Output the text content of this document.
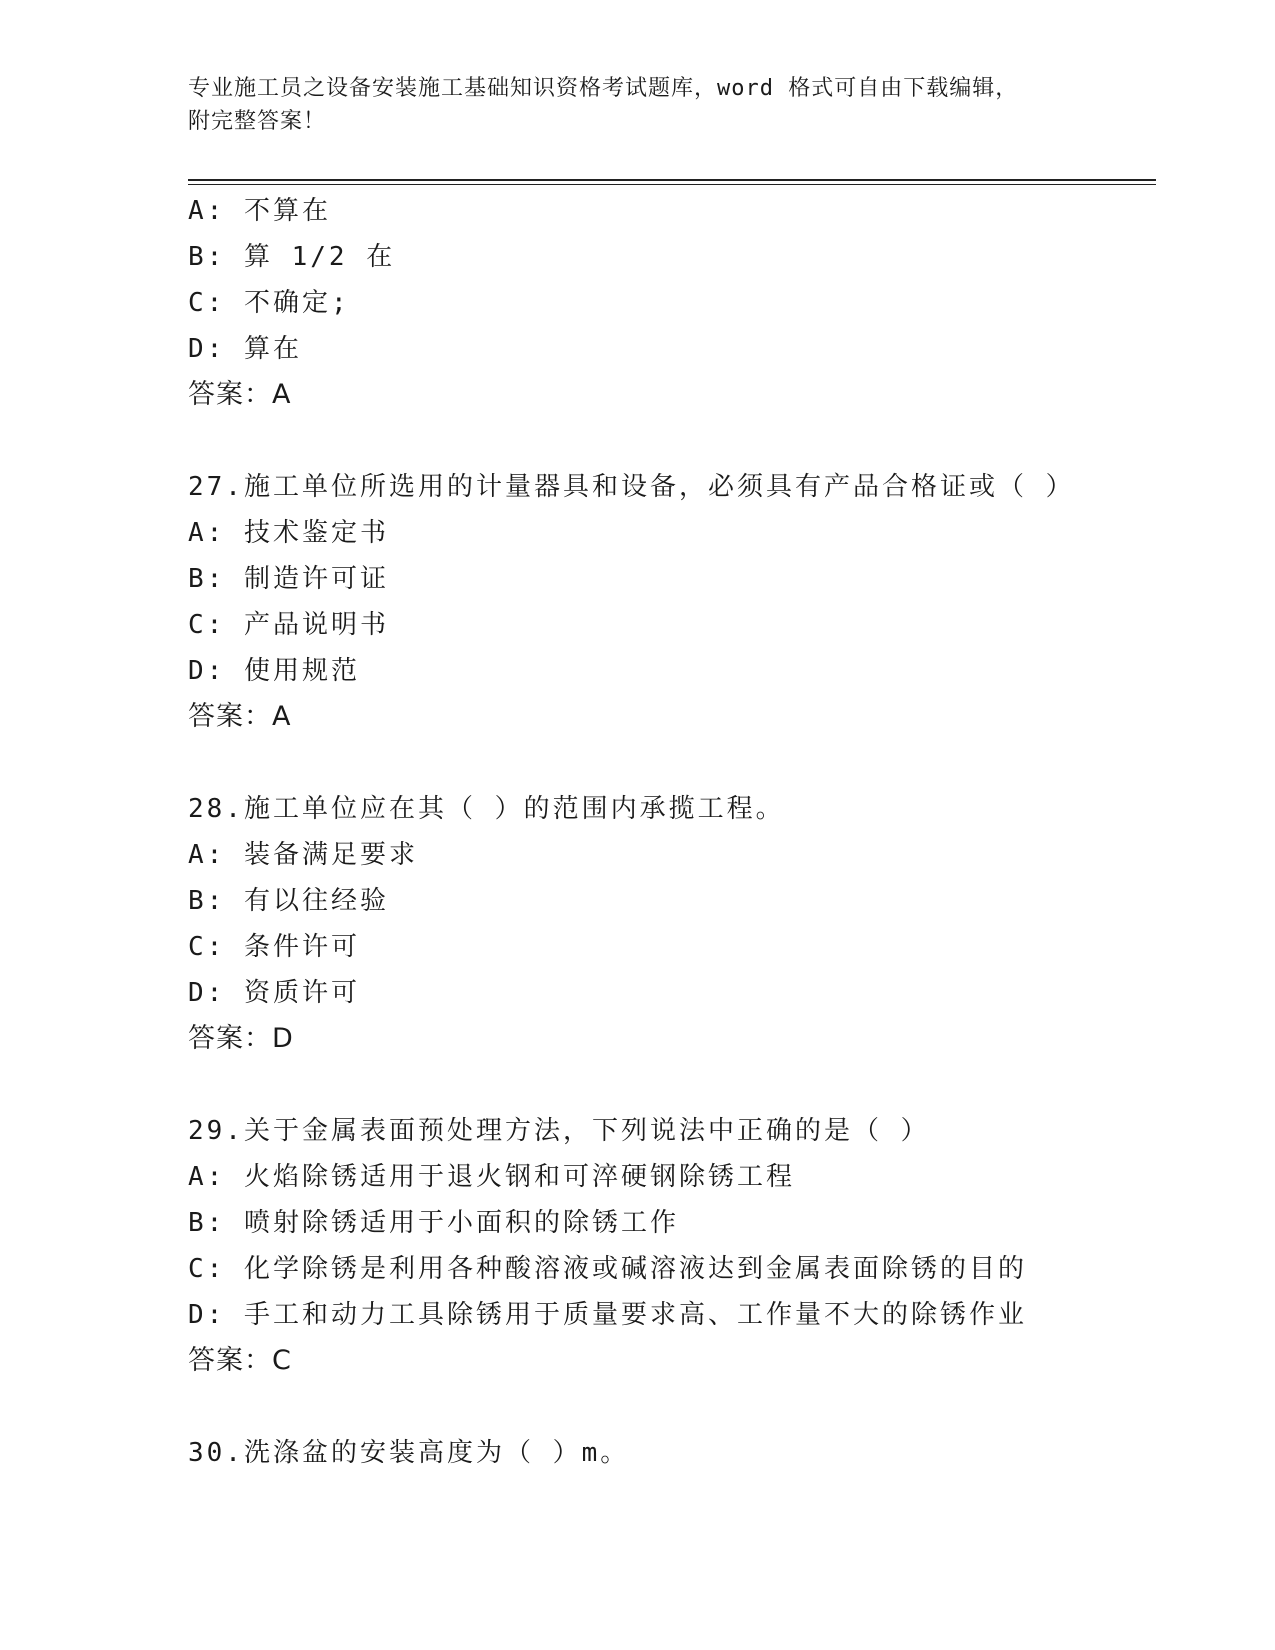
专业施工员之设备安装施工基础知识资格考试题库，word 格式可自由下载编辑，
附完整答案！
A: 不算在
B: 算 1/2 在
C: 不确定;
D: 算在
答案：A
27.施工单位所选用的计量器具和设备，必须具有产品合格证或（ ）
A: 技术鉴定书
B: 制造许可证
C: 产品说明书
D: 使用规范
答案：A
28.施工单位应在其（ ）的范围内承揽工程。
A: 装备满足要求
B: 有以往经验
C: 条件许可
D: 资质许可
答案：D
29.关于金属表面预处理方法，下列说法中正确的是（ ）
A: 火焰除锈适用于退火钢和可淬硬钢除锈工程
B: 喷射除锈适用于小面积的除锈工作
C: 化学除锈是利用各种酸溶液或碱溶液达到金属表面除锈的目的
D: 手工和动力工具除锈用于质量要求高、工作量不大的除锈作业
答案：C
30.洗涤盆的安装高度为（ ）m。
